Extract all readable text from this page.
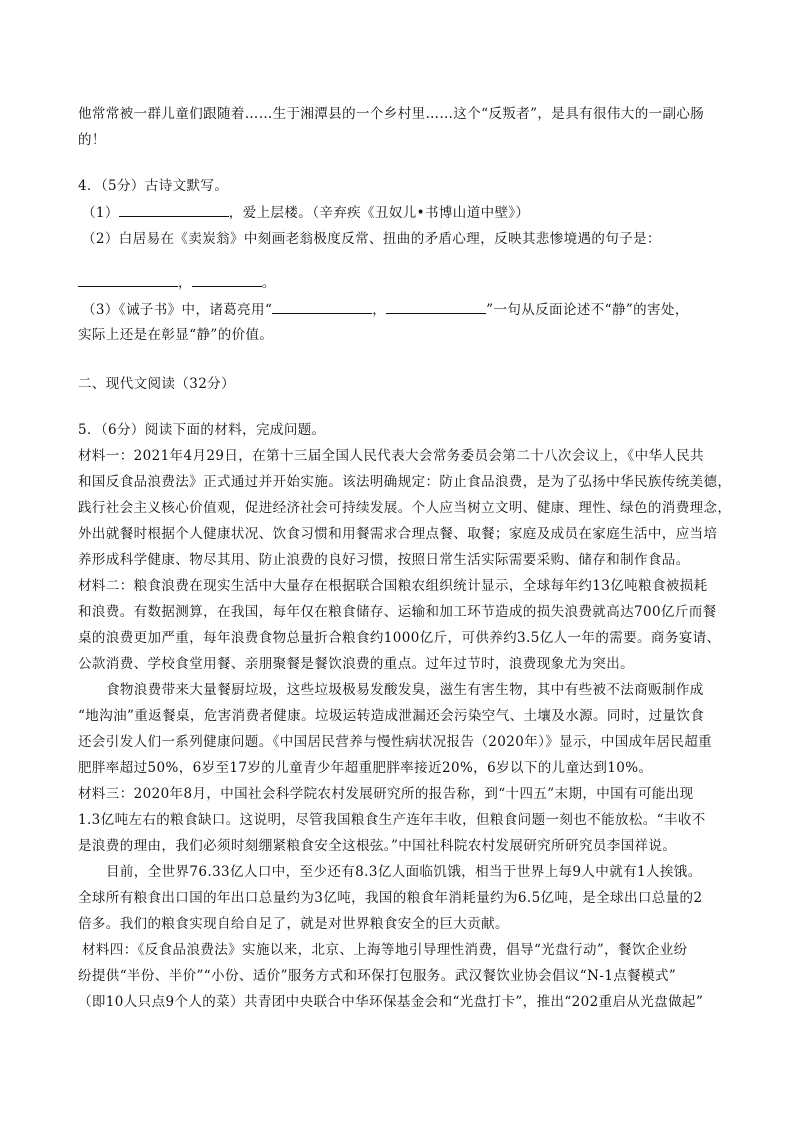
他常常被一群儿童们跟随着……生于湘潭县的一个乡村里……这个“反叛者”，是具有很伟大的一副心肠
的！
4．（5分）古诗文默写。
（1）	，爱上层楼。（辛弃疾《丑奴儿•书博山道中壁》）
（2）白居易在《卖炭翁》中刻画老翁极度反常、扭曲的矛盾心理，反映其悲惨境遇的句子是：
，	。
（3）《诫子书》中，诸葛亮用“	，	”一句从反面论述不“静”的害处，
实际上还是在彰显“静”的价值。
二、现代文阅读（32分）
5．（6分）阅读下面的材料，完成问题。
材料一：2021年4月29日，在第十三届全国人民代表大会常务委员会第二十八次会议上，《中华人民共
和国反食品浪费法》正式通过并开始实施。该法明确规定：防止食品浪费，是为了弘扬中华民族传统美德，
践行社会主义核心价值观，促进经济社会可持续发展。个人应当树立文明、健康、理性、绿色的消费理念，
外出就餐时根据个人健康状况、饮食习惯和用餐需求合理点餐、取餐；家庭及成员在家庭生活中，应当培
养形成科学健康、物尽其用、防止浪费的良好习惯，按照日常生活实际需要采购、储存和制作食品。
材料二：粮食浪费在现实生活中大量存在根据联合国粮农组织统计显示，全球每年约13亿吨粮食被损耗
和浪费。有数据测算，在我国，每年仅在粮食储存、运输和加工环节造成的损失浪费就高达700亿斤而餐
桌的浪费更加严重，每年浪费食物总量折合粮食约1000亿斤，可供养约3.5亿人一年的需要。商务宴请、
公款消费、学校食堂用餐、亲朋聚餐是餐饮浪费的重点。过年过节时，浪费现象尤为突出。
食物浪费带来大量餐厨垃圾，这些垃圾极易发酸发臭，滋生有害生物，其中有些被不法商贩制作成
“地沟油”重返餐桌，危害消费者健康。垃圾运转造成泄漏还会污染空气、土壤及水源。同时，过量饮食
还会引发人们一系列健康问题。《中国居民营养与慢性病状况报告（2020年）》显示，中国成年居民超重
肥胖率超过50%，6岁至17岁的儿童青少年超重肥胖率接近20%，6岁以下的儿童达到10%。
材料三：2020年8月，中国社会科学院农村发展研究所的报告称，到“十四五”末期，中国有可能出现
1.3亿吨左右的粮食缺口。这说明，尽管我国粮食生产连年丰收，但粮食问题一刻也不能放松。“丰收不
是浪费的理由，我们必须时刻绷紧粮食安全这根弦。”中国社科院农村发展研究所研究员李国祥说。
目前，全世界76.33亿人口中，至少还有8.3亿人面临饥饿，相当于世界上每9人中就有1人挨饿。
全球所有粮食出口国的年出口总量约为3亿吨，我国的粮食年消耗量约为6.5亿吨，是全球出口总量的2
倍多。我们的粮食实现自给自足了，就是对世界粮食安全的巨大贡献。
材料四：《反食品浪费法》实施以来，北京、上海等地引导理性消费，倡导“光盘行动”，餐饮企业纷
纷提供“半份、半价”“小份、适价”服务方式和环保打包服务。武汉餐饮业协会倡议“N-1点餐模式”
（即10人只点9个人的菜）共青团中央联合中华环保基金会和“光盘打卡”，推出“202重启从光盘做起”
